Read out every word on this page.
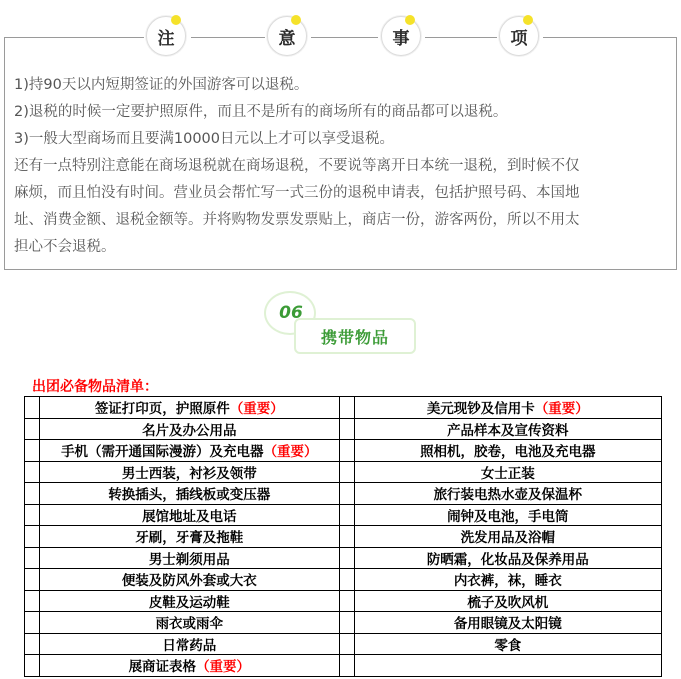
注	意	事	项

1)持90天以内短期签证的外国游客可以退税。

2)退税的时候一定要护照原件，而且不是所有的商场所有的商品都可以退税。

3)一般大型商场而且要满10000日元以上才可以享受退税。

还有一点特别注意能在商场退税就在商场退税，不要说等离开日本统一退税，到时候不仅

麻烦，而且怕没有时间。营业员会帮忙写一式三份的退税申请表，包括护照号码、本国地

址、消费金额、退税金额等。并将购物发票发票贴上，商店一份，游客两份，所以不用太

担心不会退税。

携带物品
06
出团必备物品清单：
	签证打印页，护照原件（重要）		美元现钞及信用卡（重要）
	名片及办公用品		产品样本及宣传资料
	手机（需开通国际漫游）及充电器（重要）		照相机，胶卷，电池及充电器
	男士西装，衬衫及领带		女士正装
	转换插头，插线板或变压器		旅行装电热水壶及保温杯
	展馆地址及电话		闹钟及电池，手电筒
	牙刷，牙膏及拖鞋		洗发用品及浴帽
	男士剃须用品		防晒霜，化妆品及保养用品
	便装及防风外套或大衣		内衣裤，袜，睡衣
	皮鞋及运动鞋		梳子及吹风机
	雨衣或雨伞		备用眼镜及太阳镜
	日常药品		零食
	展商证表格（重要）		
